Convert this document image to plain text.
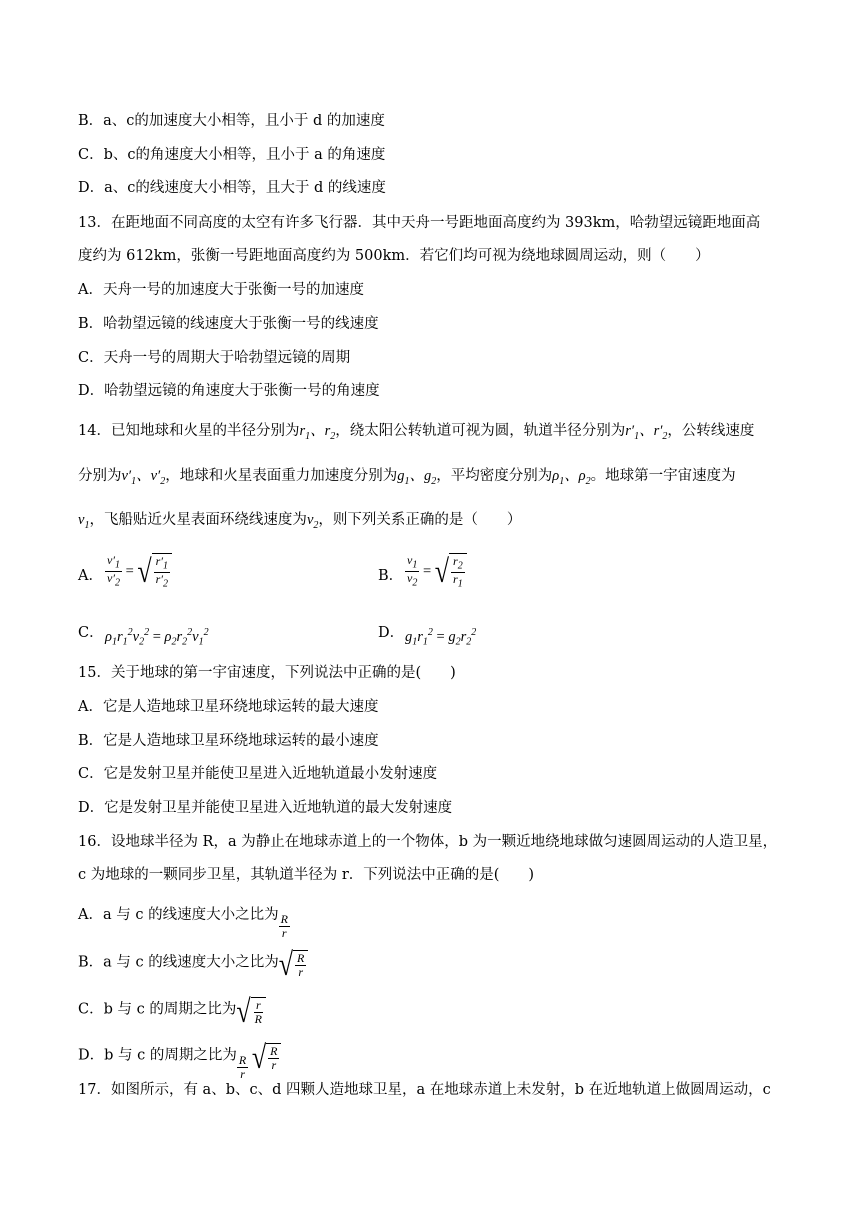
B．a、c的加速度大小相等，且小于 d 的加速度
C．b、c的角速度大小相等，且小于 a 的角速度
D．a、c的线速度大小相等，且大于 d 的线速度
13．在距地面不同高度的太空有许多飞行器．其中天舟一号距地面高度约为 393km，哈勃望远镜距地面高
度约为 612km，张衡一号距地面高度约为 500km．若它们均可视为绕地球圆周运动，则（　　）
A．天舟一号的加速度大于张衡一号的加速度
B．哈勃望远镜的线速度大于张衡一号的线速度
C．天舟一号的周期大于哈勃望远镜的周期
D．哈勃望远镜的角速度大于张衡一号的角速度
14．已知地球和火星的半径分别为$r_1$、$r_2$，绕太阳公转轨道可视为圆，轨道半径分别为$r'_1$、$r'_2$，公转线速度
分别为$v'_1$、$v'_2$，地球和火星表面重力加速度分别为$g_1$、$g_2$，平均密度分别为$\rho_1$、$\rho_2$。地球第一宇宙速度为
$v_1$，飞船贴近火星表面环绕线速度为$v_2$，则下列关系正确的是（　　）
A． $\frac{v'_1}{v'_2}$ = √ $\frac{r'_1}{r'_2}$	B． $\frac{v_1}{v_2}$ = √ $\frac{r_2}{r_1}$
C． $\rho_1r_1^2v_2^2 = \rho_2r_2^2v_1^2$	D． $g_1r_1^2 = g_2r_2^2$
15．关于地球的第一宇宙速度，下列说法中正确的是(　　)
A．它是人造地球卫星环绕地球运转的最大速度
B．它是人造地球卫星环绕地球运转的最小速度
C．它是发射卫星并能使卫星进入近地轨道最小发射速度
D．它是发射卫星并能使卫星进入近地轨道的最大发射速度
16．设地球半径为 R，a 为静止在地球赤道上的一个物体，b 为一颗近地绕地球做匀速圆周运动的人造卫星，
c 为地球的一颗同步卫星，其轨道半径为 r．下列说法中正确的是(　　)
A．a 与 c 的线速度大小之比为 $\frac{R}{r}$
B．a 与 c 的线速度大小之比为 √ $\frac{R}{r}$
C．b 与 c 的周期之比为 √ $\frac{r}{R}$
D．b 与 c 的周期之比为 $\frac{R}{r}$
√ $\frac{R}{r}$
17．如图所示，有 a、b、c、d 四颗人造地球卫星，a 在地球赤道上未发射，b 在近地轨道上做圆周运动，c
